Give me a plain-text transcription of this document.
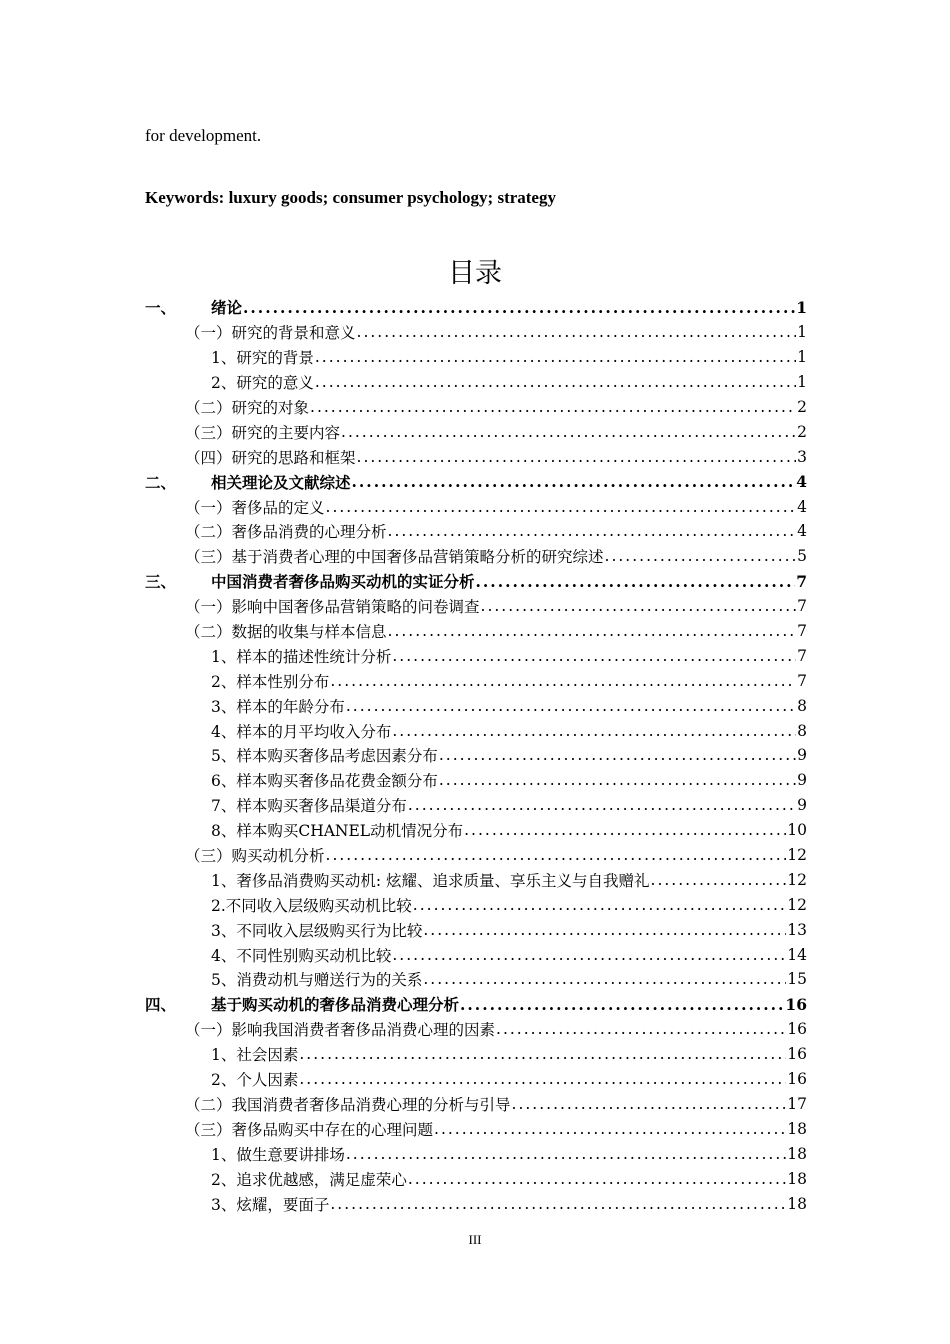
for development.
Keywords: luxury goods; consumer psychology; strategy
目录
一、 绪论 .....	1
（一）研究的背景和意义 .....	1
1、研究的背景 .....	1
2、研究的意义 .....	1
（二）研究的对象 .....	2
（三）研究的主要内容 .....	2
（四）研究的思路和框架 .....	3
二、 相关理论及文献综述 .....	4
（一）奢侈品的定义 .....	4
（二）奢侈品消费的心理分析 .....	4
（三）基于消费者心理的中国奢侈品营销策略分析的研究综述 .....	5
三、 中国消费者奢侈品购买动机的实证分析 .....	7
（一）影响中国奢侈品营销策略的问卷调查 .....	7
（二）数据的收集与样本信息 .....	7
1、样本的描述性统计分析 .....	7
2、样本性别分布 .....	7
3、样本的年龄分布 .....	8
4、样本的月平均收入分布 .....	8
5、样本购买奢侈品考虑因素分布 .....	9
6、样本购买奢侈品花费金额分布 .....	9
7、样本购买奢侈品渠道分布 .....	9
8、样本购买CHANEL动机情况分布 .....	10
（三）购买动机分析 .....	12
1、奢侈品消费购买动机: 炫耀、追求质量、享乐主义与自我赠礼 .....	12
2.不同收入层级购买动机比较 .....	12
3、不同收入层级购买行为比较 .....	13
4、不同性别购买动机比较 .....	14
5、消费动机与赠送行为的关系 .....	15
四、 基于购买动机的奢侈品消费心理分析 .....	16
（一）影响我国消费者奢侈品消费心理的因素 .....	16
1、社会因素 .....	16
2、个人因素 .....	16
（二）我国消费者奢侈品消费心理的分析与引导 .....	17
（三）奢侈品购买中存在的心理问题 .....	18
1、做生意要讲排场 .....	18
2、追求优越感，满足虚荣心 .....	18
3、炫耀，要面子 .....	18
III
